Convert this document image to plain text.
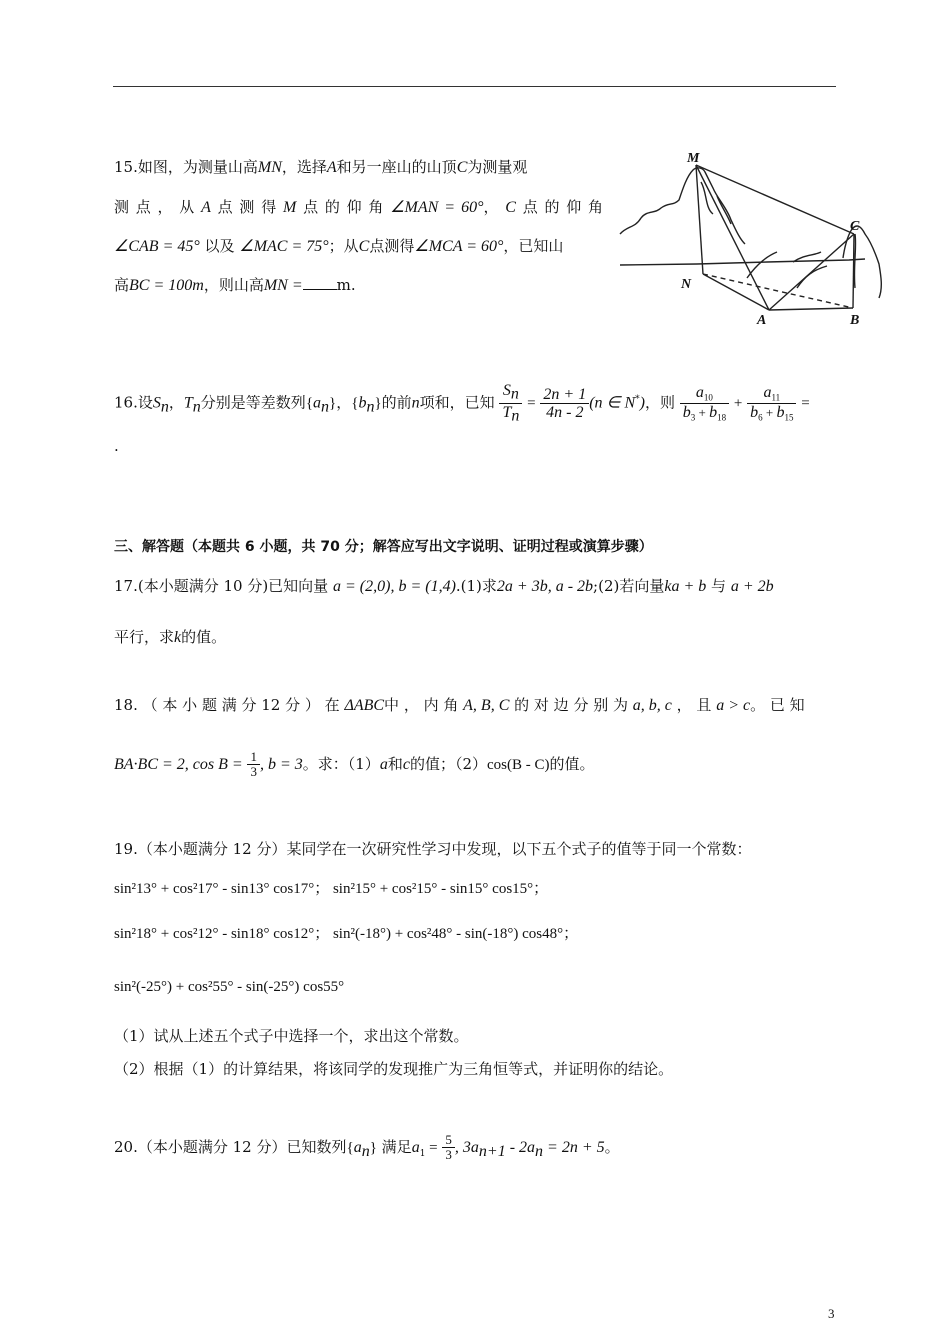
15.如图，为测量山高MN，选择A和另一座山的山顶C为测量观
测 点 ， 从 A 点 测 得 M 点 的 仰 角 ∠MAN = 60°， C 点 的 仰 角
∠CAB = 45° 以及 ∠MAC = 75°；从C点测得∠MCA = 60°，已知山
高BC = 100m，则山高MN = m.
M
C
N
A	B
16.设$S_n$，$T_n$分别是等差数列$\{a_n\}$，$\{b_n\}$的前n项和，已知 $\frac{S_n}{T_n} = \frac{2n + 1}{4n - 2} (n$ ∈ N*)，则 $\frac{a_{10}}{b_3 + b_{18}} + \frac{a_{11}}{b_6 + b_{15}}$ =
.
三、解答题（本题共 6 小题，共 70 分；解答应写出文字说明、证明过程或演算步骤）
17.(本小题满分 10 分)已知向量 a = (2,0), b = (1,4).(1)求2a + 3b, a - 2b;(2)若向量ka + b 与 a + 2b
平行，求k的值。
18. （ 本 小 题 满 分 12 分 ） 在 ΔABC中 ， 内 角 A, B, C 的 对 边 分 别 为 a, b, c ， 且 a > c。 已 知
BA·BC = 2, $\cos B = \frac{1}{3}$ , b = 3。求：（1）a和c的值；（2）cos(B - C)的值。
19.（本小题满分 12 分）某同学在一次研究性学习中发现，以下五个式子的值等于同一个常数：
sin²13° + cos²17° - sin13° cos17°； sin²15° + cos²15° - sin15° cos15°；
sin²18° + cos²12° - sin18° cos12°； sin²(-18°) + cos²48° - sin(-18°) cos48°；
sin²(-25°) + cos²55° - sin(-25°) cos55°
（1）试从上述五个式子中选择一个，求出这个常数。
（2）根据（1）的计算结果，将该同学的发现推广为三角恒等式，并证明你的结论。
20.（本小题满分 12 分）已知数列$\{a_n\}$ 满足$a_1 = \frac{5}{3}$ , $3a_{n+1} - 2a_n = 2n + 5$。
3
